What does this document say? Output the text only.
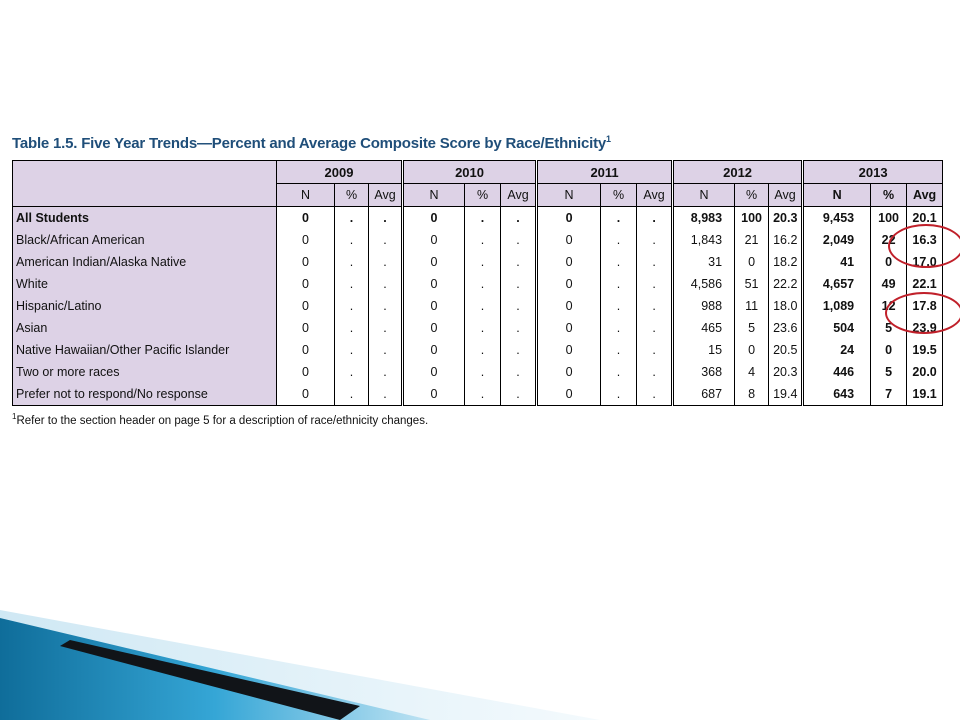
Table 1.5. Five Year Trends—Percent and Average Composite Score by Race/Ethnicity$^1$
	2009			2010			2011			2012			2013		
	N	%	Avg	N	%	Avg	N	%	Avg	N	%	Avg	N	%	Avg
All Students	0	.	.	0	.	.	0	.	.	8,983	100	20.3	9,453	100	20.1
Black/African American	0	.	.	0	.	.	0	.	.	1,843	21	16.2	2,049	22	16.3
American Indian/Alaska Native	0	.	.	0	.	.	0	.	.	31	0	18.2	41	0	17.0
White	0	.	.	0	.	.	0	.	.	4,586	51	22.2	4,657	49	22.1
Hispanic/Latino	0	.	.	0	.	.	0	.	.	988	11	18.0	1,089	12	17.8
Asian	0	.	.	0	.	.	0	.	.	465	5	23.6	504	5	23.9
Native Hawaiian/Other Pacific Islander	0	.	.	0	.	.	0	.	.	15	0	20.5	24	0	19.5
Two or more races	0	.	.	0	.	.	0	.	.	368	4	20.3	446	5	20.0
Prefer not to respond/No response	0	.	.	0	.	.	0	.	.	687	8	19.4	643	7	19.1
$^1$Refer to the section header on page 5 for a description of race/ethnicity changes.
